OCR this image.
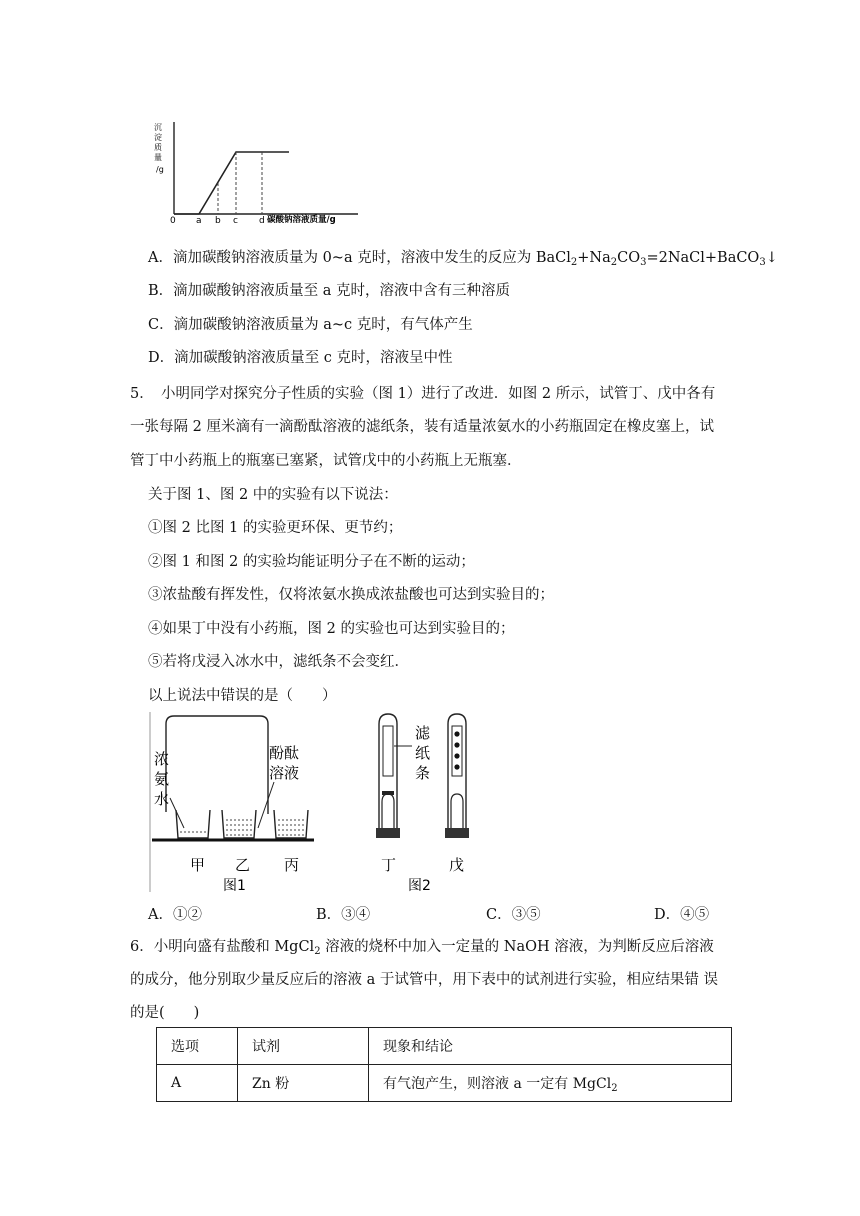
沉
淀
质
量
/g
0 a b c d 碳酸钠溶液质量/g
A．滴加碳酸钠溶液质量为 0~a 克时，溶液中发生的反应为 $BaCl_2+Na_2CO_3=2NaCl+BaCO_3↓$
B．滴加碳酸钠溶液质量至 a 克时，溶液中含有三种溶质
C．滴加碳酸钠溶液质量为 a~c 克时，有气体产生
D．滴加碳酸钠溶液质量至 c 克时，溶液呈中性
5．　小明同学对探究分子性质的实验（图 1）进行了改进．如图 2 所示，试管丁、戊中各有
一张每隔 2 厘米滴有一滴酚酞溶液的滤纸条，装有适量浓氨水的小药瓶固定在橡皮塞上，试
管丁中小药瓶上的瓶塞已塞紧，试管戊中的小药瓶上无瓶塞．
关于图 1、图 2 中的实验有以下说法：
①图 2 比图 1 的实验更环保、更节约；
②图 1 和图 2 的实验均能证明分子在不断的运动；
③浓盐酸有挥发性，仅将浓氨水换成浓盐酸也可达到实验目的；
④如果丁中没有小药瓶，图 2 的实验也可达到实验目的；
⑤若将戊浸入冰水中，滤纸条不会变红．
以上说法中错误的是（　　）
浓
氨
水
酚酞
溶液
甲 乙 丙
图1
滤
纸
条
丁	戊
图2
A．①②	B．③④	C．③⑤	D．④⑤
6．小明向盛有盐酸和 MgCl$_2$ 溶液的烧杯中加入一定量的 NaOH 溶液，为判断反应后溶液
的成分，他分别取少量反应后的溶液 a 于试管中，用下表中的试剂进行实验，相应结果错 误
的是(　　)
选项	试剂	现象和结论
A	Zn 粉	有气泡产生，则溶液 a 一定有 MgCl$_2$
